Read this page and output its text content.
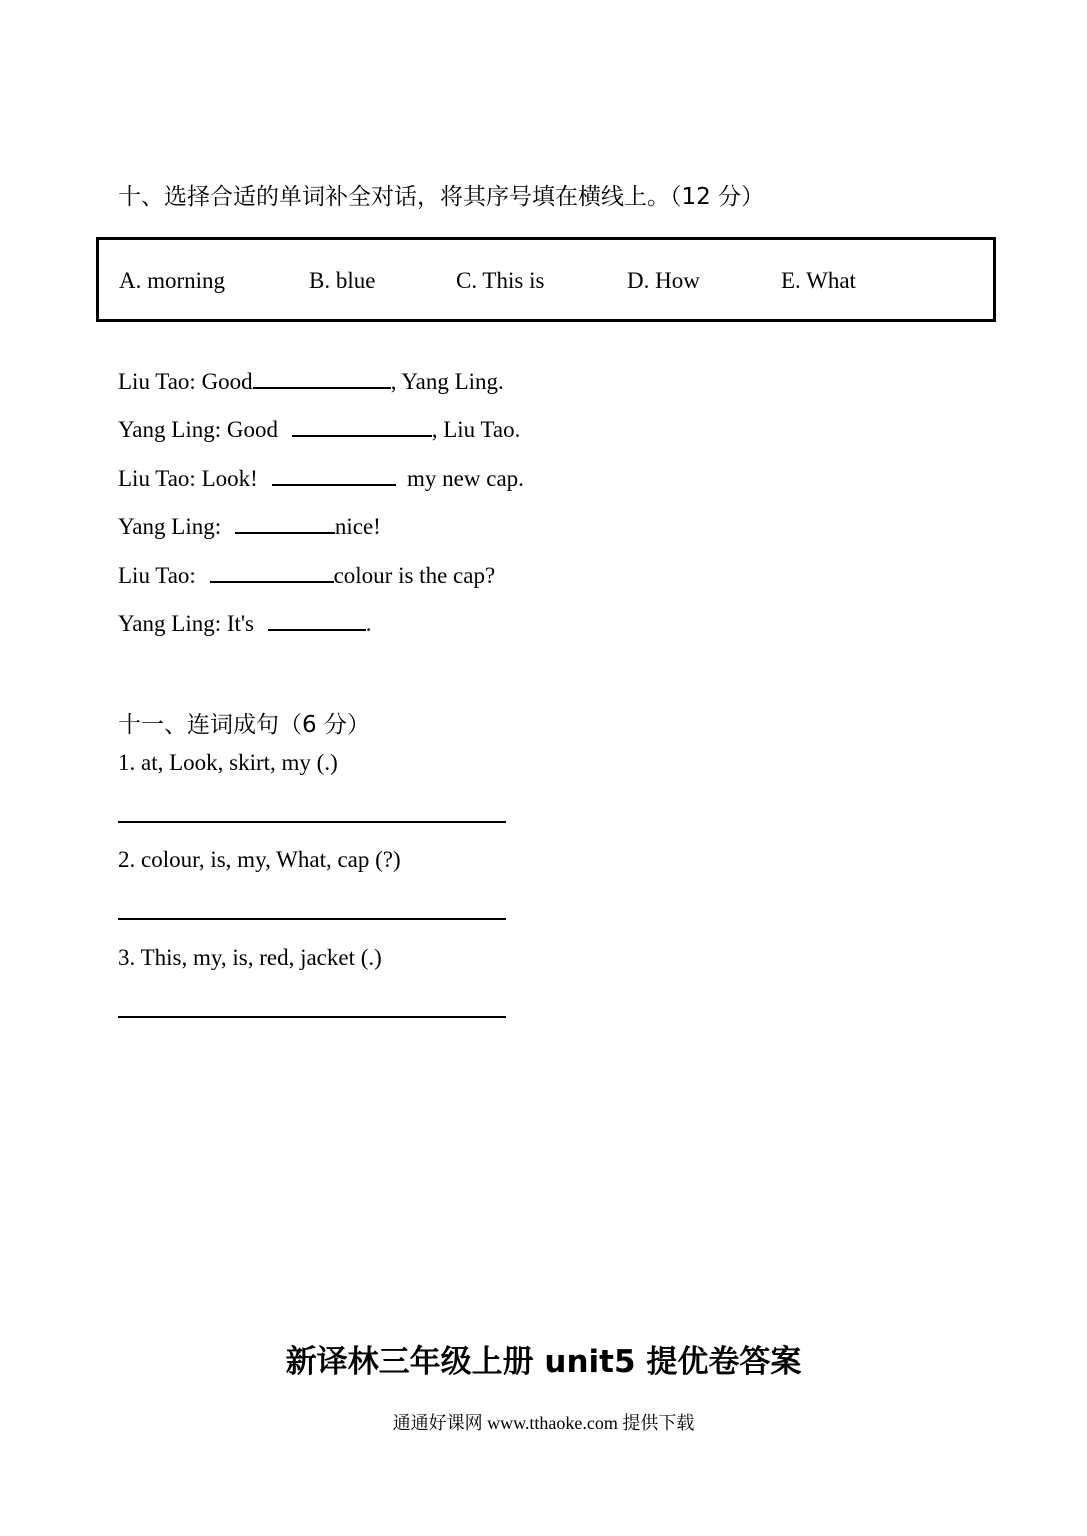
十、选择合适的单词补全对话，将其序号填在横线上。（12 分）
A. morning	B. blue	C. This is	D. How	E. What
Liu Tao: Good	, Yang Ling.
Yang Ling: Good	, Liu Tao.
Liu Tao: Look!	my new cap.
Yang Ling:	nice!
Liu Tao:	colour is the cap?
Yang Ling: It's	.
十一、连词成句（6 分）
1. at, Look, skirt, my (.)
2. colour, is, my, What, cap (?)
3. This, my, is, red, jacket (.)
新译林三年级上册 unit5 提优卷答案
通通好课网 www.tthaoke.com 提供下载
